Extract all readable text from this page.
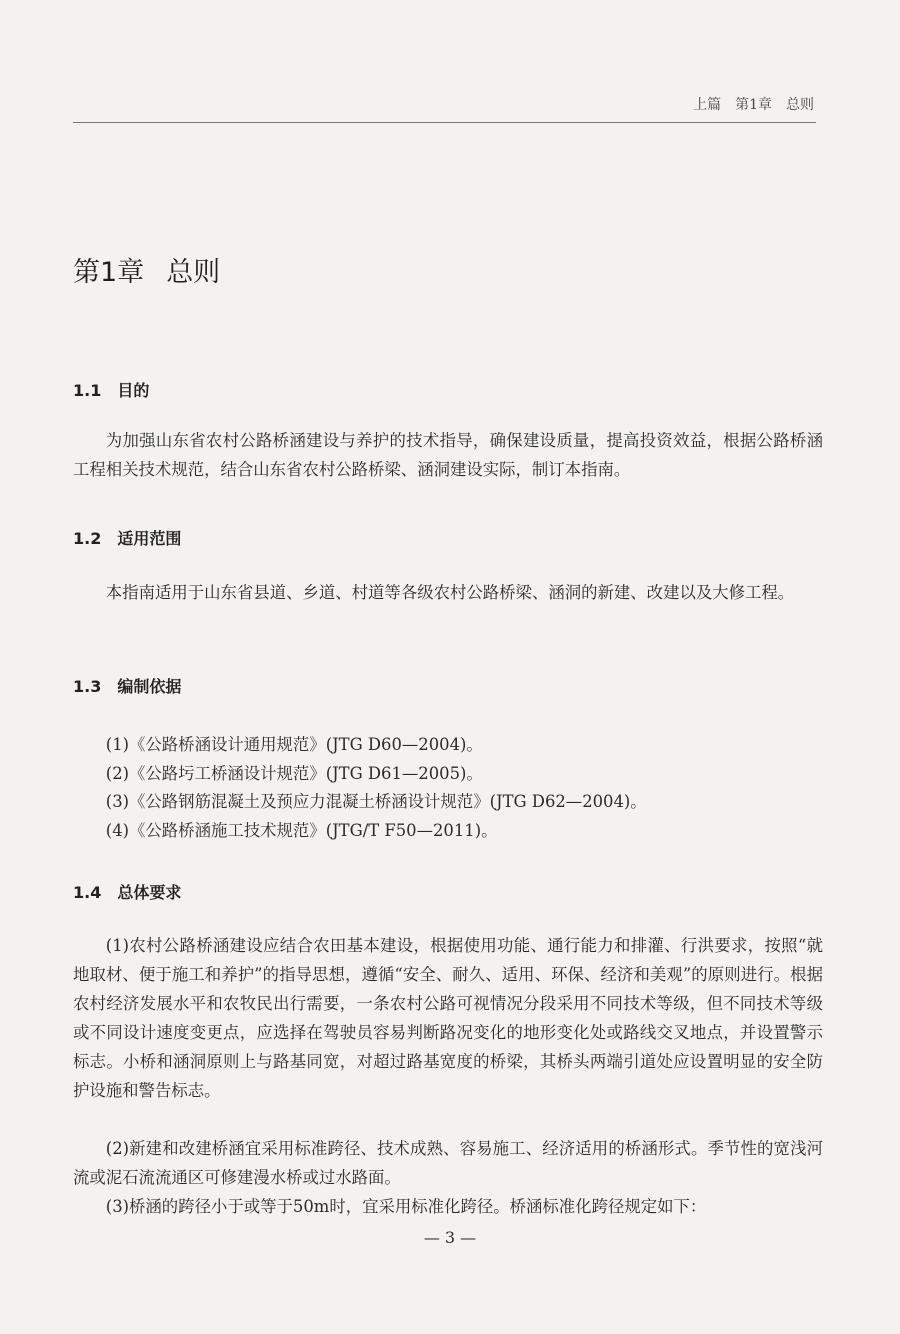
上篇　第1章　总则
第1章 总则
1.1 目的
为加强山东省农村公路桥涵建设与养护的技术指导，确保建设质量，提高投资效益，根据公路桥涵工程相关技术规范，结合山东省农村公路桥梁、涵洞建设实际，制订本指南。
1.2 适用范围
本指南适用于山东省县道、乡道、村道等各级农村公路桥梁、涵洞的新建、改建以及大修工程。
1.3 编制依据
(1)《公路桥涵设计通用规范》(JTG D60—2004)。
(2)《公路圬工桥涵设计规范》(JTG D61—2005)。
(3)《公路钢筋混凝土及预应力混凝土桥涵设计规范》(JTG D62—2004)。
(4)《公路桥涵施工技术规范》(JTG/T F50—2011)。
1.4 总体要求
(1)农村公路桥涵建设应结合农田基本建设，根据使用功能、通行能力和排灌、行洪要求，按照“就地取材、便于施工和养护”的指导思想，遵循“安全、耐久、适用、环保、经济和美观”的原则进行。根据农村经济发展水平和农牧民出行需要，一条农村公路可视情况分段采用不同技术等级，但不同技术等级或不同设计速度变更点，应选择在驾驶员容易判断路况变化的地形变化处或路线交叉地点，并设置警示标志。小桥和涵洞原则上与路基同宽，对超过路基宽度的桥梁，其桥头两端引道处应设置明显的安全防护设施和警告标志。
(2)新建和改建桥涵宜采用标准跨径、技术成熟、容易施工、经济适用的桥涵形式。季节性的宽浅河流或泥石流流通区可修建漫水桥或过水路面。
(3)桥涵的跨径小于或等于50m时，宜采用标准化跨径。桥涵标准化跨径规定如下：
— 3 —
